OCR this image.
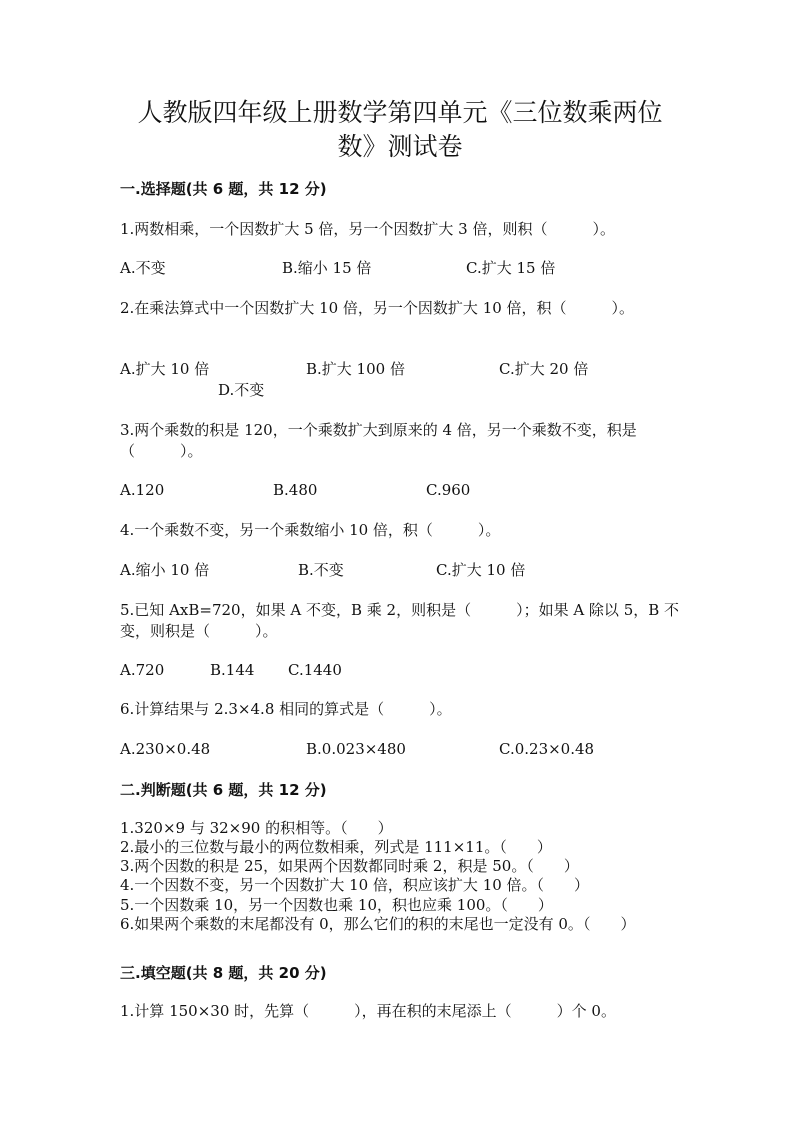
人教版四年级上册数学第四单元《三位数乘两位
数》测试卷
一.选择题(共 6 题，共 12 分)

1.两数相乘，一个因数扩大 5 倍，另一个因数扩大 3 倍，则积（　　　）。

A.不变	B.缩小 15 倍	C.扩大 15 倍

2.在乘法算式中一个因数扩大 10 倍，另一个因数扩大 10 倍，积（　　　）。

A.扩大 10 倍	B.扩大 100 倍	C.扩大 20 倍

D.不变

3.两个乘数的积是 120，一个乘数扩大到原来的 4 倍，另一个乘数不变，积是

（　　　）。

A.120	B.480	C.960

4.一个乘数不变，另一个乘数缩小 10 倍，积（　　　）。

A.缩小 10 倍	B.不变	C.扩大 10 倍

5.已知 AxB=720，如果 A 不变，B 乘 2，则积是（　　　）；如果 A 除以 5，B 不

变，则积是（　　　）。

A.720	B.144 C.1440

6.计算结果与 2.3×4.8 相同的算式是（　　　）。

A.230×0.48	B.0.023×480	C.0.23×0.48

二.判断题(共 6 题，共 12 分)

1.320×9 与 32×90 的积相等。（　　）

2.最小的三位数与最小的两位数相乘，列式是 111×11。（　　）

3.两个因数的积是 25，如果两个因数都同时乘 2，积是 50。（　　）

4.一个因数不变，另一个因数扩大 10 倍，积应该扩大 10 倍。（　　）

5.一个因数乘 10，另一个因数也乘 10，积也应乘 100。（　　）

6.如果两个乘数的末尾都没有 0，那么它们的积的末尾也一定没有 0。（　　）

三.填空题(共 8 题，共 20 分)

1.计算 150×30 时，先算（　　　），再在积的末尾添上（　　　）个 0。
